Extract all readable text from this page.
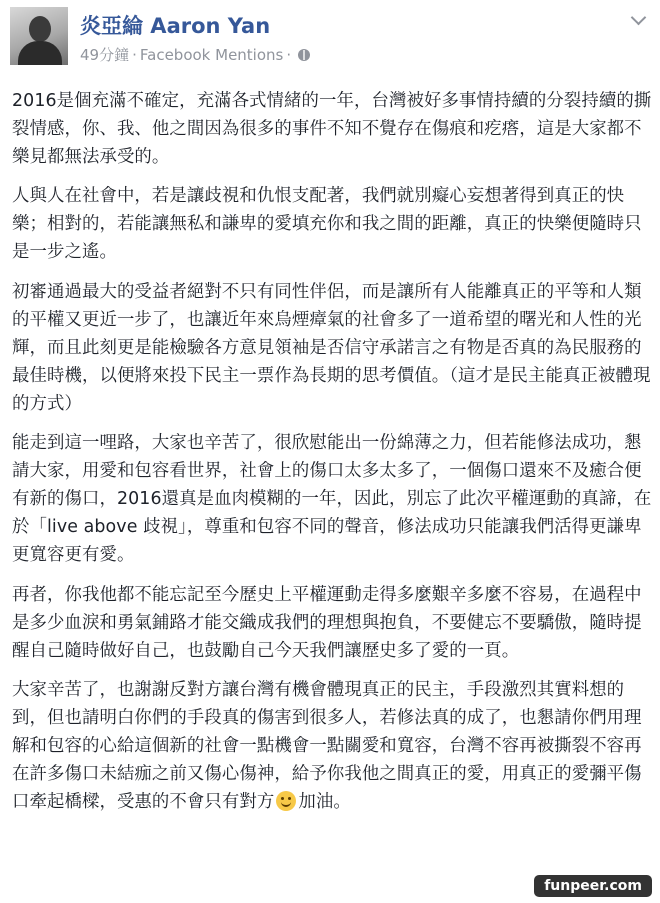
炎亞綸 Aaron Yan
49分鐘 · Facebook Mentions ·

2016是個充滿不確定，充滿各式情緒的一年，台灣被好多事情持續的分裂持續的撕裂情感，你、我、他之間因為很多的事件不知不覺存在傷痕和疙瘩，這是大家都不樂見都無法承受的。

人與人在社會中，若是讓歧視和仇恨支配著，我們就別癡心妄想著得到真正的快樂；相對的，若能讓無私和謙卑的愛填充你和我之間的距離，真正的快樂便隨時只是一步之遙。

初審通過最大的受益者絕對不只有同性伴侶，而是讓所有人能離真正的平等和人類的平權又更近一步了，也讓近年來烏煙瘴氣的社會多了一道希望的曙光和人性的光輝，而且此刻更是能檢驗各方意見領袖是否信守承諾言之有物是否真的為民服務的最佳時機，以便將來投下民主一票作為長期的思考價值。（這才是民主能真正被體現的方式）

能走到這一哩路，大家也辛苦了，很欣慰能出一份綿薄之力，但若能修法成功，懇請大家，用愛和包容看世界，社會上的傷口太多太多了，一個傷口還來不及癒合便有新的傷口，2016還真是血肉模糊的一年，因此，別忘了此次平權運動的真諦，在於「live above 歧視」，尊重和包容不同的聲音，修法成功只能讓我們活得更謙卑更寬容更有愛。

再者，你我他都不能忘記至今歷史上平權運動走得多麼艱辛多麼不容易，在過程中是多少血淚和勇氣鋪路才能交織成我們的理想與抱負，不要健忘不要驕傲，隨時提醒自己隨時做好自己，也鼓勵自己今天我們讓歷史多了愛的一頁。

大家辛苦了，也謝謝反對方讓台灣有機會體現真正的民主，手段激烈其實料想的到，但也請明白你們的手段真的傷害到很多人，若修法真的成了，也懇請你們用理解和包容的心給這個新的社會一點機會一點關愛和寬容，台灣不容再被撕裂不容再在許多傷口未結痂之前又傷心傷神，給予你我他之間真正的愛，用真正的愛彌平傷口牽起橋樑，受惠的不會只有對方 加油。

funpeer.com
